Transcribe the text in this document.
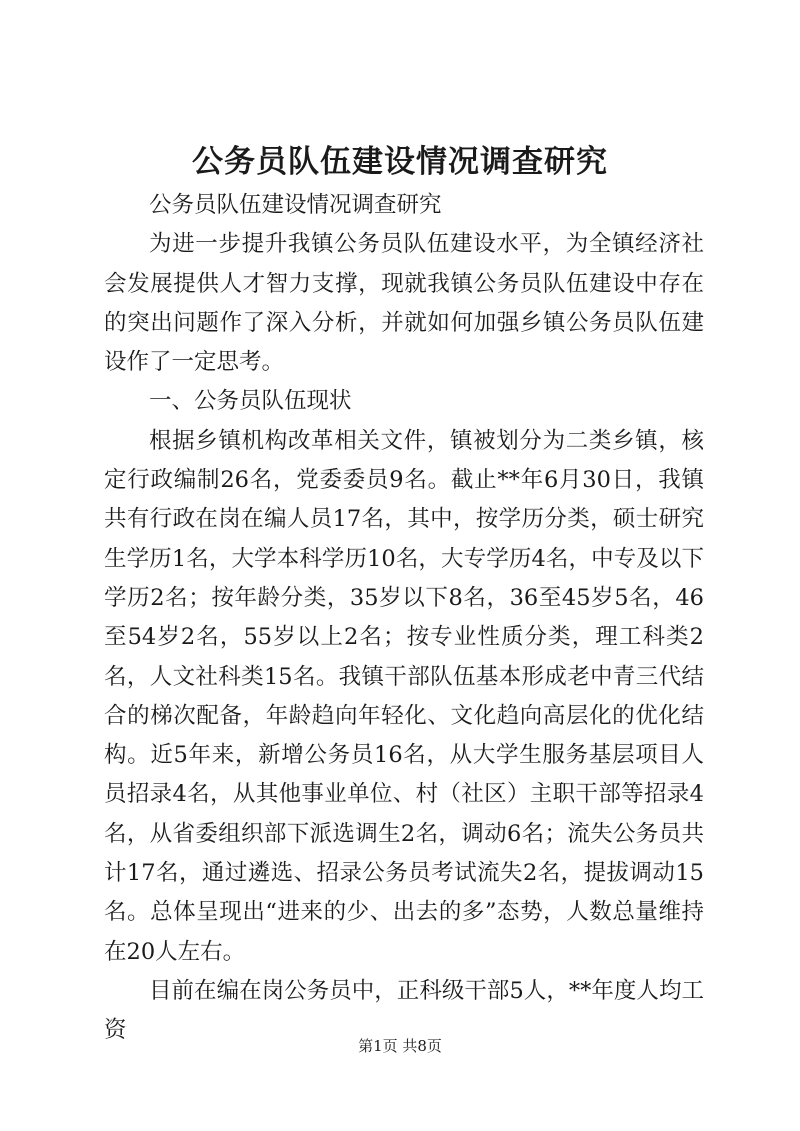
公务员队伍建设情况调查研究

公务员队伍建设情况调查研究

为进一步提升我镇公务员队伍建设水平，为全镇经济社会发展提供人才智力支撑，现就我镇公务员队伍建设中存在的突出问题作了深入分析，并就如何加强乡镇公务员队伍建设作了一定思考。

一、公务员队伍现状

根据乡镇机构改革相关文件，镇被划分为二类乡镇，核定行政编制26名，党委委员9名。截止**年6月30日，我镇共有行政在岗在编人员17名，其中，按学历分类，硕士研究生学历1名，大学本科学历10名，大专学历4名，中专及以下学历2名；按年龄分类，35岁以下8名，36至45岁5名，46至54岁2名，55岁以上2名；按专业性质分类，理工科类2名，人文社科类15名。我镇干部队伍基本形成老中青三代结合的梯次配备，年龄趋向年轻化、文化趋向高层化的优化结构。近5年来，新增公务员16名，从大学生服务基层项目人员招录4名，从其他事业单位、村（社区）主职干部等招录4名，从省委组织部下派选调生2名，调动6名；流失公务员共计17名，通过遴选、招录公务员考试流失2名，提拔调动15名。总体呈现出“进来的少、出去的多”态势，人数总量维持在20人左右。

目前在编在岗公务员中，正科级干部5人，**年度人均工资

第1页 共8页
